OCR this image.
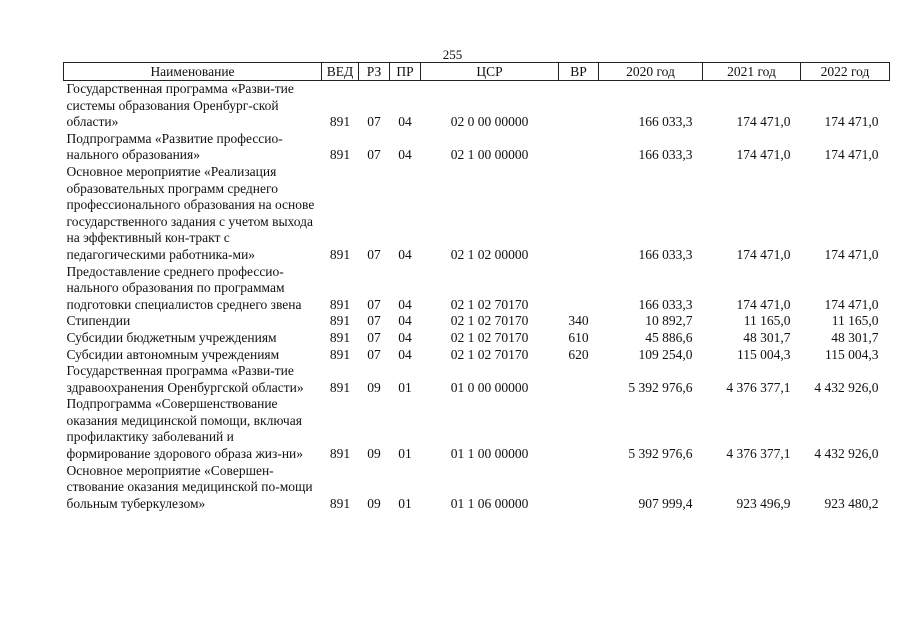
255
Наименование	ВЕД	РЗ	ПР	ЦСР	ВР	2020 год	2021 год	2022 год
Государственная программа «Разви-тие системы образования Оренбург-ской области»	891	07	04	02 0 00 00000		166 033,3	174 471,0	174 471,0
Подпрограмма «Развитие профессио-нального образования»	891	07	04	02 1 00 00000		166 033,3	174 471,0	174 471,0
Основное мероприятие «Реализация образовательных программ среднего профессионального образования на основе государственного задания с учетом выхода на эффективный кон-тракт с педагогическими работника-ми»	891	07	04	02 1 02 00000		166 033,3	174 471,0	174 471,0
Предоставление среднего профессио-нального образования по программам подготовки специалистов среднего звена	891	07	04	02 1 02 70170		166 033,3	174 471,0	174 471,0
Стипендии	891	07	04	02 1 02 70170	340	10 892,7	11 165,0	11 165,0
Субсидии бюджетным учреждениям	891	07	04	02 1 02 70170	610	45 886,6	48 301,7	48 301,7
Субсидии автономным учреждениям	891	07	04	02 1 02 70170	620	109 254,0	115 004,3	115 004,3
Государственная программа «Разви-тие здравоохранения Оренбургской области»	891	09	01	01 0 00 00000		5 392 976,6	4 376 377,1	4 432 926,0
Подпрограмма «Совершенствование оказания медицинской помощи, включая профилактику заболеваний и формирование здорового образа жиз-ни»	891	09	01	01 1 00 00000		5 392 976,6	4 376 377,1	4 432 926,0
Основное мероприятие «Совершен-ствование оказания медицинской по-мощи больным туберкулезом»	891	09	01	01 1 06 00000		907 999,4	923 496,9	923 480,2
